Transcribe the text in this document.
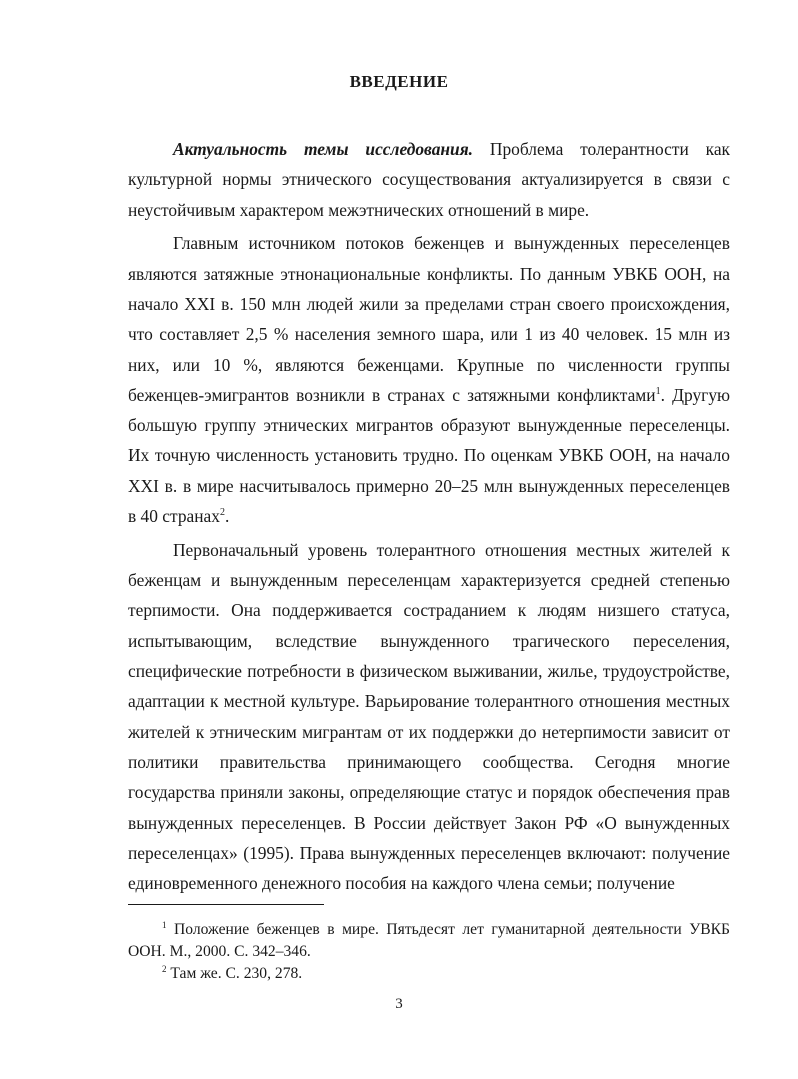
ВВЕДЕНИЕ

Актуальность темы исследования. Проблема толерантности как культурной нормы этнического сосуществования актуализируется в связи с неустойчивым характером межэтнических отношений в мире.

Главным источником потоков беженцев и вынужденных переселенцев являются затяжные этнонациональные конфликты. По данным УВКБ ООН, на начало XXI в. 150 млн людей жили за пределами стран своего происхождения, что составляет 2,5 % населения земного шара, или 1 из 40 человек. 15 млн из них, или 10 %, являются беженцами. Крупные по численности группы беженцев-эмигрантов возникли в странах с затяжными конфликтами$^1$. Другую большую группу этнических мигрантов образуют вынужденные переселенцы. Их точную численность установить трудно. По оценкам УВКБ ООН, на начало XXI в. в мире насчитывалось примерно 20–25 млн вынужденных переселенцев в 40 странах$^2$.

Первоначальный уровень толерантного отношения местных жителей к беженцам и вынужденным переселенцам характеризуется средней степенью терпимости. Она поддерживается состраданием к людям низшего статуса, испытывающим, вследствие вынужденного трагического переселения, специфические потребности в физическом выживании, жилье, трудоустройстве, адаптации к местной культуре. Варьирование толерантного отношения местных жителей к этническим мигрантам от их поддержки до нетерпимости зависит от политики правительства принимающего сообщества. Сегодня многие государства приняли законы, определяющие статус и порядок обеспечения прав вынужденных переселенцев. В России действует Закон РФ «О вынужденных переселенцах» (1995). Права вынужденных переселенцев включают: получение единовременного денежного пособия на каждого члена семьи; получение

$^1$ Положение беженцев в мире. Пятьдесят лет гуманитарной деятельности УВКБ ООН. М., 2000. С. 342–346.

$^2$ Там же. С. 230, 278.

3
